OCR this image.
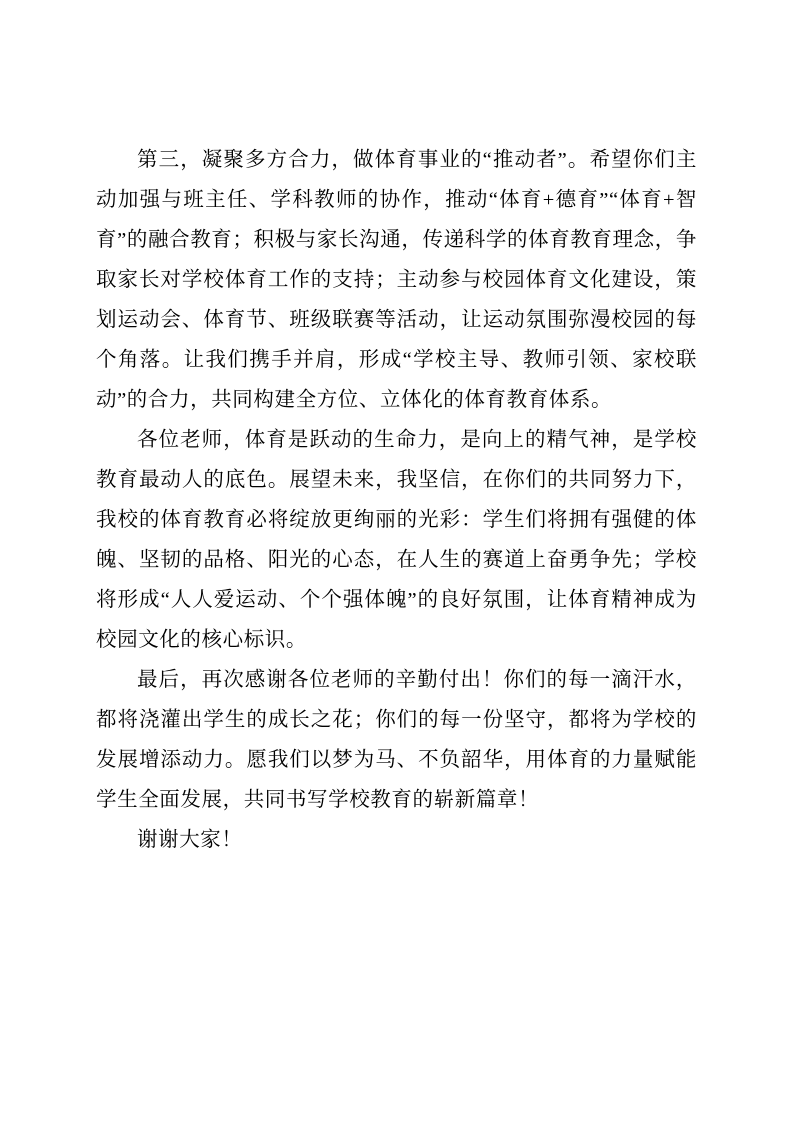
第三，凝聚多方合力，做体育事业的“推动者”。希望你们主动加强与班主任、学科教师的协作，推动“体育+德育”“体育+智育”的融合教育；积极与家长沟通，传递科学的体育教育理念，争取家长对学校体育工作的支持；主动参与校园体育文化建设，策划运动会、体育节、班级联赛等活动，让运动氛围弥漫校园的每个角落。让我们携手并肩，形成“学校主导、教师引领、家校联动”的合力，共同构建全方位、立体化的体育教育体系。

各位老师，体育是跃动的生命力，是向上的精气神，是学校教育最动人的底色。展望未来，我坚信，在你们的共同努力下，我校的体育教育必将绽放更绚丽的光彩：学生们将拥有强健的体魄、坚韧的品格、阳光的心态，在人生的赛道上奋勇争先；学校将形成“人人爱运动、个个强体魄”的良好氛围，让体育精神成为校园文化的核心标识。

最后，再次感谢各位老师的辛勤付出！你们的每一滴汗水，都将浇灌出学生的成长之花；你们的每一份坚守，都将为学校的发展增添动力。愿我们以梦为马、不负韶华，用体育的力量赋能学生全面发展，共同书写学校教育的崭新篇章！

谢谢大家！
